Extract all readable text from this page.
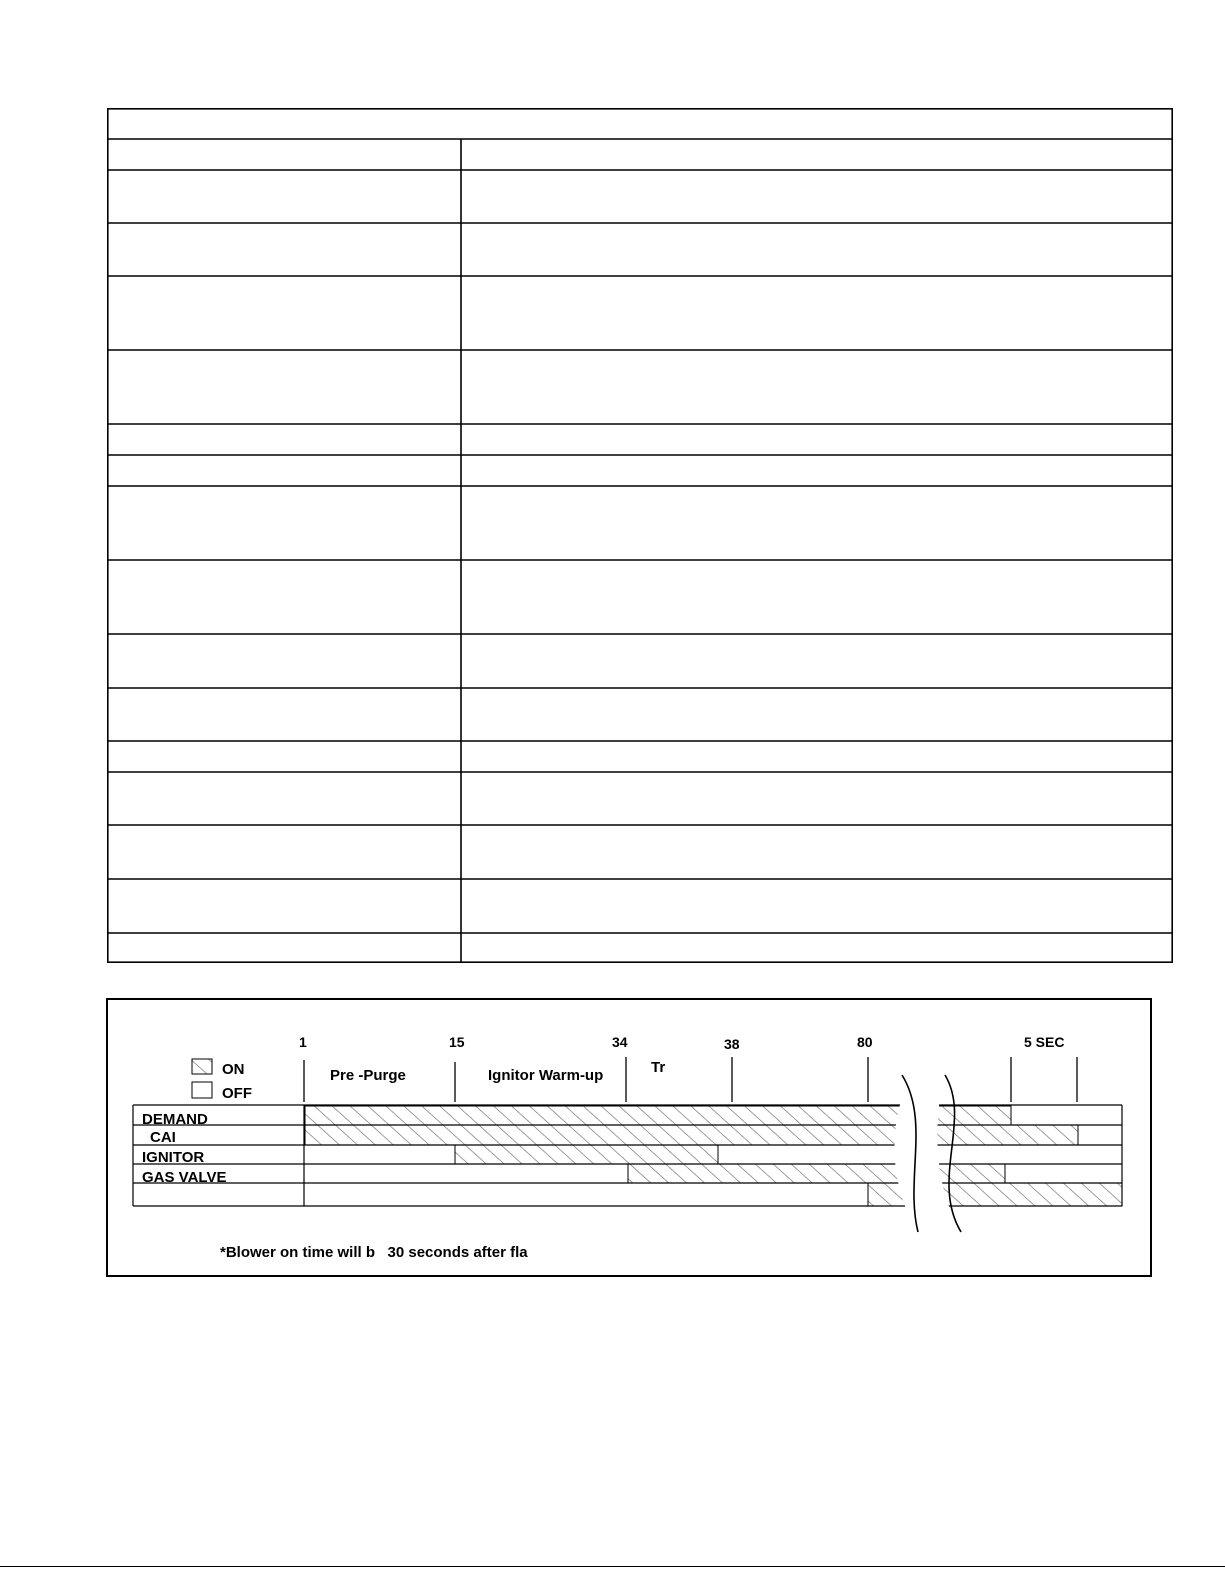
ON
OFF
1	15	34	38	80	5 SEC
Pre -Purge	Ignitor Warm-up	Tr
DEMAND
CAI
IGNITOR
GAS VALVE
*Blower on time will b   30 seconds after fla
